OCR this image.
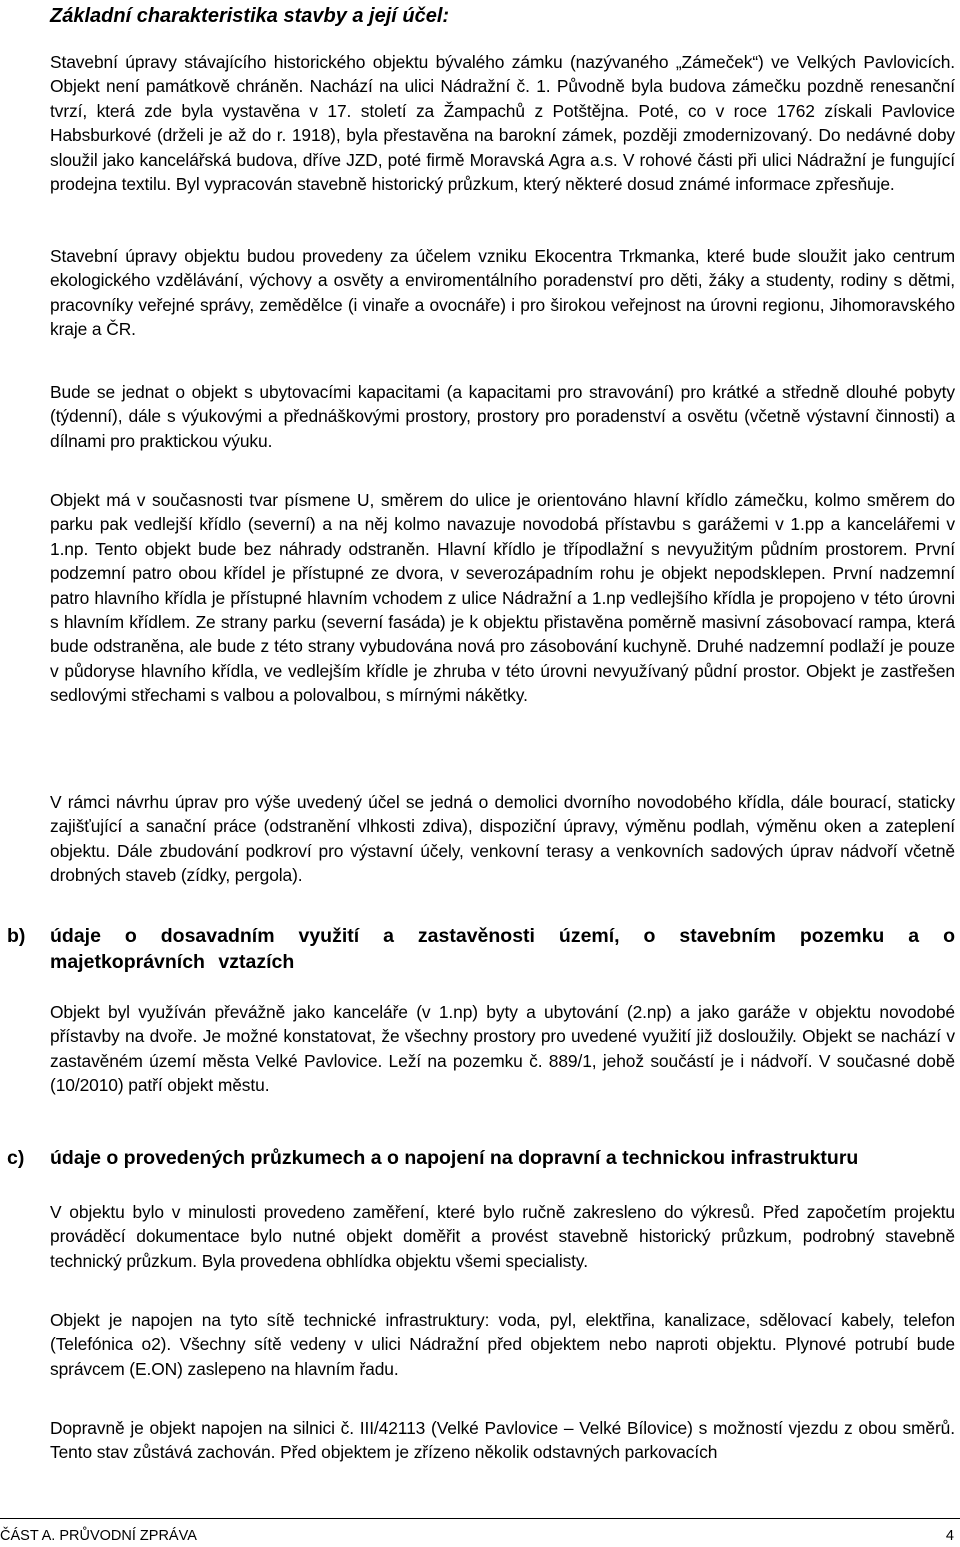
Základní charakteristika stavby a její účel:

Stavební úpravy stávajícího historického objektu bývalého zámku (nazývaného „Zámeček“) ve Velkých Pavlovicích. Objekt není památkově chráněn. Nachází na ulici Nádražní č. 1. Původně byla budova zámečku pozdně renesanční tvrzí, která zde byla vystavěna v 17. století za Žampachů z Potštějna. Poté, co v roce 1762 získali Pavlovice Habsburkové (drželi je až do r. 1918), byla přestavěna na barokní zámek, později zmodernizovaný. Do nedávné doby sloužil jako kancelářská budova, dříve JZD, poté firmě Moravská Agra a.s. V rohové části při ulici Nádražní je fungující prodejna textilu. Byl vypracován stavebně historický průzkum, který některé dosud známé informace zpřesňuje.

Stavební úpravy objektu budou provedeny za účelem vzniku Ekocentra Trkmanka, které bude sloužit jako centrum ekologického vzdělávání, výchovy a osvěty a enviromentálního poradenství pro děti, žáky a studenty, rodiny s dětmi, pracovníky veřejné správy, zemědělce (i vinaře a ovocnáře) i pro širokou veřejnost na úrovni regionu, Jihomoravského kraje a ČR.

Bude se jednat o objekt s ubytovacími kapacitami (a kapacitami pro stravování) pro krátké a středně dlouhé pobyty (týdenní), dále s výukovými a přednáškovými prostory, prostory pro poradenství a osvětu (včetně výstavní činnosti) a dílnami pro praktickou výuku.

Objekt má v současnosti tvar písmene U, směrem do ulice je orientováno hlavní křídlo zámečku, kolmo směrem do parku pak vedlejší křídlo (severní) a na něj kolmo navazuje novodobá přístavbu s garážemi v 1.pp a kancelářemi v 1.np. Tento objekt bude bez náhrady odstraněn. Hlavní křídlo je třípodlažní s nevyužitým půdním prostorem. První podzemní patro obou křídel je přístupné ze dvora, v severozápadním rohu je objekt nepodsklepen. První nadzemní patro hlavního křídla je přístupné hlavním vchodem z ulice Nádražní a 1.np vedlejšího křídla je propojeno v této úrovni s hlavním křídlem. Ze strany parku (severní fasáda) je k objektu přistavěna poměrně masivní zásobovací rampa, která bude odstraněna, ale bude z této strany vybudována nová pro zásobování kuchyně. Druhé nadzemní podlaží je pouze v půdoryse hlavního křídla, ve vedlejším křídle je zhruba v této úrovni nevyužívaný půdní prostor. Objekt je zastřešen sedlovými střechami s valbou a polovalbou, s mírnými nákětky.

V rámci návrhu úprav pro výše uvedený účel se jedná o demolici dvorního novodobého křídla, dále bourací, staticky zajišťující a sanační práce (odstranění vlhkosti zdiva), dispoziční úpravy, výměnu podlah, výměnu oken a zateplení objektu. Dále zbudování podkroví pro výstavní účely, venkovní terasy a venkovních sadových úprav nádvoří včetně drobných staveb (zídky, pergola).

b) údaje o dosavadním využití a zastavěnosti území, o stavebním pozemku a o majetkoprávních vztazích

Objekt byl využíván převážně jako kanceláře (v 1.np) byty a ubytování (2.np) a jako garáže v objektu novodobé přístavby na dvoře. Je možné konstatovat, že všechny prostory pro uvedené využití již dosloužily. Objekt se nachází v zastavěném území města Velké Pavlovice. Leží na pozemku č. 889/1, jehož součástí je i nádvoří. V současné době (10/2010) patří objekt městu.

c) údaje o provedených průzkumech a o napojení na dopravní a technickou infrastrukturu

V objektu bylo v minulosti provedeno zaměření, které bylo ručně zakresleno do výkresů. Před započetím projektu prováděcí dokumentace bylo nutné objekt doměřit a provést stavebně historický průzkum, podrobný stavebně technický průzkum. Byla provedena obhlídka objektu všemi specialisty.

Objekt je napojen na tyto sítě technické infrastruktury: voda, pyl, elektřina, kanalizace, sdělovací kabely, telefon (Telefónica o2). Všechny sítě vedeny v ulici Nádražní před objektem nebo naproti objektu. Plynové potrubí bude správcem (E.ON) zaslepeno na hlavním řadu.

Dopravně je objekt napojen na silnici č. III/42113 (Velké Pavlovice – Velké Bílovice) s možností vjezdu z obou směrů. Tento stav zůstává zachován. Před objektem je zřízeno několik odstavných parkovacích

ČÁST A. PRŮVODNÍ ZPRÁVA	4
